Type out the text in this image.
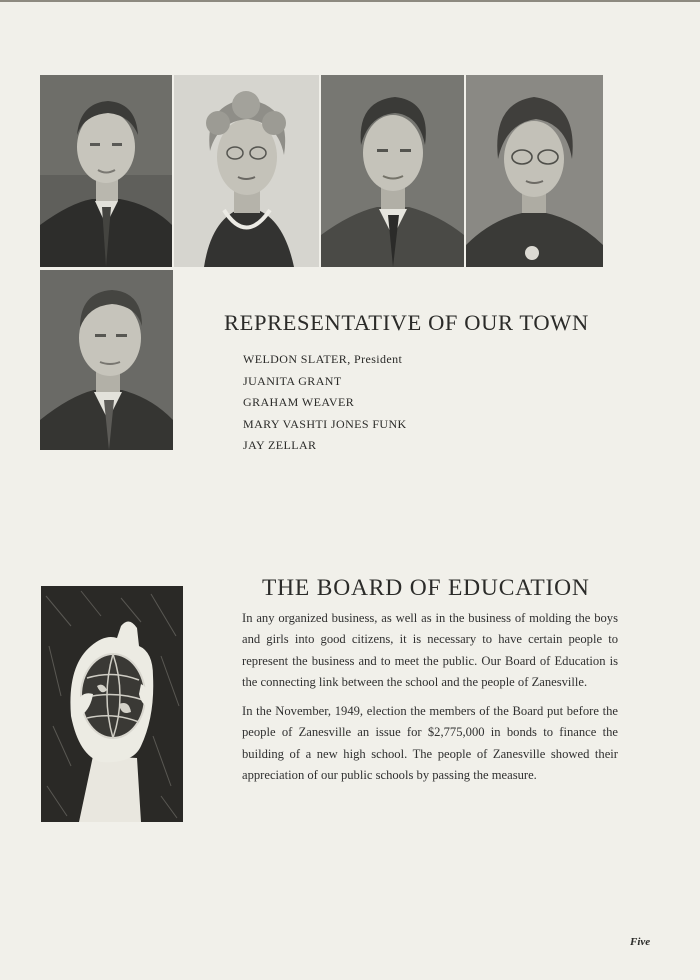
REPRESENTATIVE OF OUR TOWN
WELDON SLATER, President
JUANITA GRANT
GRAHAM WEAVER
MARY VASHTI JONES FUNK
JAY ZELLAR
THE BOARD OF EDUCATION

In any organized business, as well as in the business of molding the boys and girls into good citizens, it is necessary to have certain people to represent the business and to meet the public. Our Board of Education is the connecting link between the school and the people of Zanesville.

In the November, 1949, election the members of the Board put before the people of Zanesville an issue for $2,775,000 in bonds to finance the building of a new high school. The people of Zanesville showed their appreciation of our public schools by passing the measure.

Five
